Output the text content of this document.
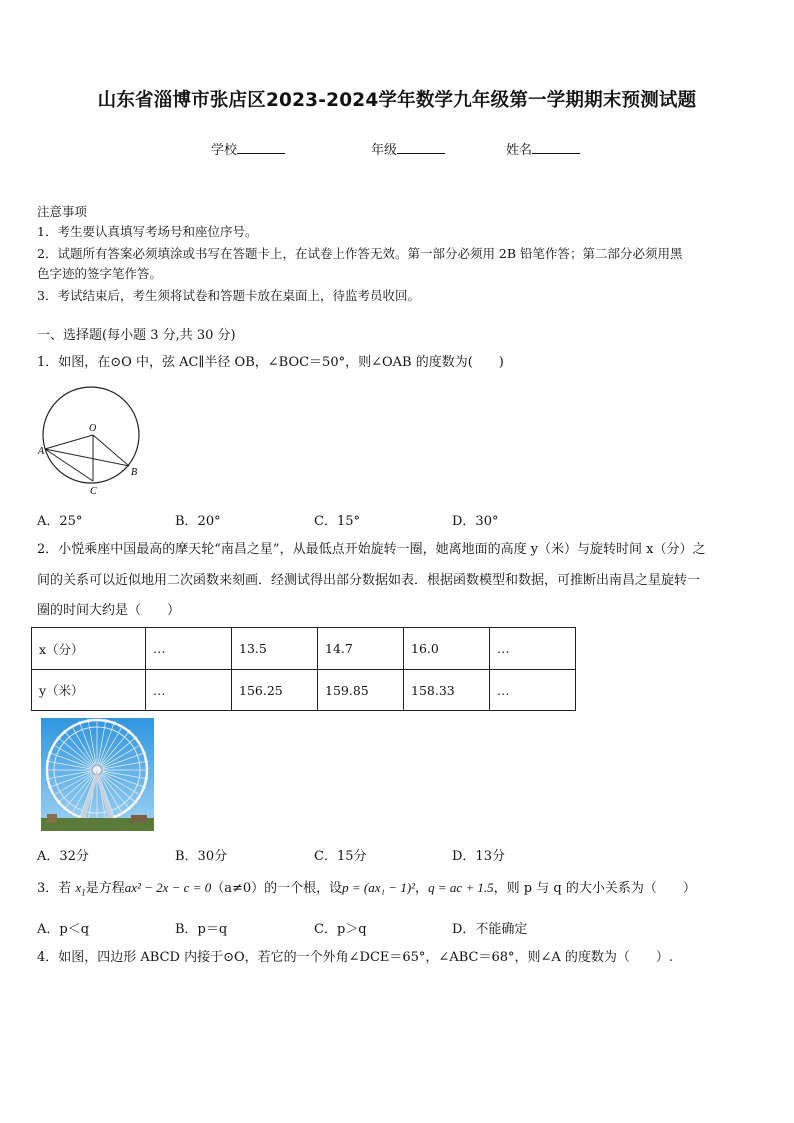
山东省淄博市张店区2023-2024学年数学九年级第一学期期末预测试题
学校	年级	姓名
注意事项
1．考生要认真填写考场号和座位序号。
2．试题所有答案必须填涂或书写在答题卡上，在试卷上作答无效。第一部分必须用 2B 铅笔作答；第二部分必须用黑
色字迹的签字笔作答。
3．考试结束后，考生须将试卷和答题卡放在桌面上，待监考员收回。
一、选择题(每小题 3 分,共 30 分)
1．如图，在⊙O 中，弦 AC∥半径 OB，∠BOC＝50°，则∠OAB 的度数为(　　)
O
A
B
C
A．25°	B．20°	C．15°	D．30°
2．小悦乘座中国最高的摩天轮“南昌之星”，从最低点开始旋转一圈，她离地面的高度 y（米）与旋转时间 x（分）之
间的关系可以近似地用二次函数来刻画．经测试得出部分数据如表．根据函数模型和数据，可推断出南昌之星旋转一
圈的时间大约是（　　）
x（分）	…	13.5	14.7	16.0	…
y（米）	…	156.25	159.85	158.33	…
A．32分	B．30分	C．15分	D．13分
3．若 $x_1$是方程ax² − 2x − c = 0（a≠0）的一个根，设p = (ax₁ − 1)²，q = ac + 1.5，则 p 与 q 的大小关系为（　　）
A．p＜q	B．p＝q	C．p＞q	D．不能确定
4．如图，四边形 ABCD 内接于⊙O，若它的一个外角∠DCE＝65°，∠ABC＝68°，则∠A 的度数为（　　）.
